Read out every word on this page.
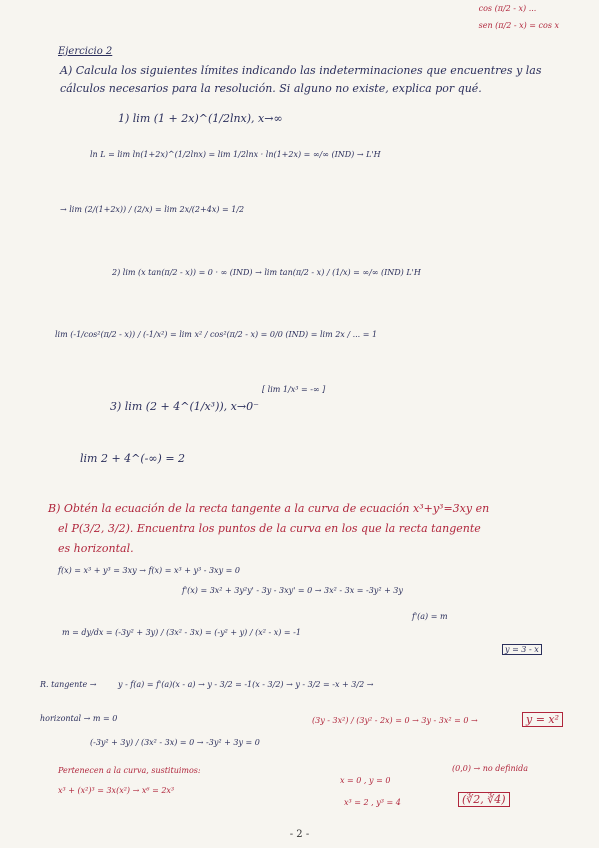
cos (π/2 - x) ...
sen (π/2 - x) = cos x
Ejercicio 2
A) Calcula los siguientes límites indicando las indeterminaciones que encuentres y las
cálculos necesarios para la resolución. Si alguno no existe, explica por qué.
1) lim (1 + 2x)^(1/2lnx), x→∞
ln L = lim ln(1+2x)^(1/2lnx) = lim 1/2lnx · ln(1+2x) = ∞/∞ (IND) → L'H
→ lim (2/(1+2x)) / (2/x) = lim 2x/(2+4x) = 1/2
2) lim (x tan(π/2 - x)) = 0 · ∞ (IND) → lim tan(π/2 - x) / (1/x) = ∞/∞ (IND) L'H
lim (-1/cos²(π/2 - x)) / (-1/x²) = lim x² / cos²(π/2 - x) = 0/0 (IND) = lim 2x / ... = 1
3) lim (2 + 4^(1/x³)), x→0⁻
[ lim 1/x³ = -∞ ]
lim 2 + 4^(-∞) = 2
B) Obtén la ecuación de la recta tangente a la curva de ecuación x³+y³=3xy en
el P(3/2, 3/2). Encuentra los puntos de la curva en los que la recta tangente
es horizontal.
f(x) = x³ + y³ = 3xy → f(x) = x³ + y³ - 3xy = 0
f'(x) = 3x² + 3y²y' - 3y - 3xy' = 0 → 3x² - 3x = -3y² + 3y
m = dy/dx = (-3y² + 3y) / (3x² - 3x) = (-y² + y) / (x² - x) = -1
f'(a) = m
R. tangente →	y - f(a) = f'(a)(x - a) → y - 3/2 = -1(x - 3/2) → y - 3/2 = -x + 3/2 →
y = 3 - x
horizontal → m = 0
(-3y² + 3y) / (3x² - 3x) = 0 → -3y² + 3y = 0
(3y - 3x²) / (3y² - 2x) = 0 → 3y - 3x² = 0 →	y = x²
Pertenecen a la curva, sustituimos:
x³ + (x²)³ = 3x(x²) → x⁶ = 2x³
x = 0 , y = 0
x³ = 2 , y³ = 4
(0,0) → no definida
(∛2, ∛4)
- 2 -
